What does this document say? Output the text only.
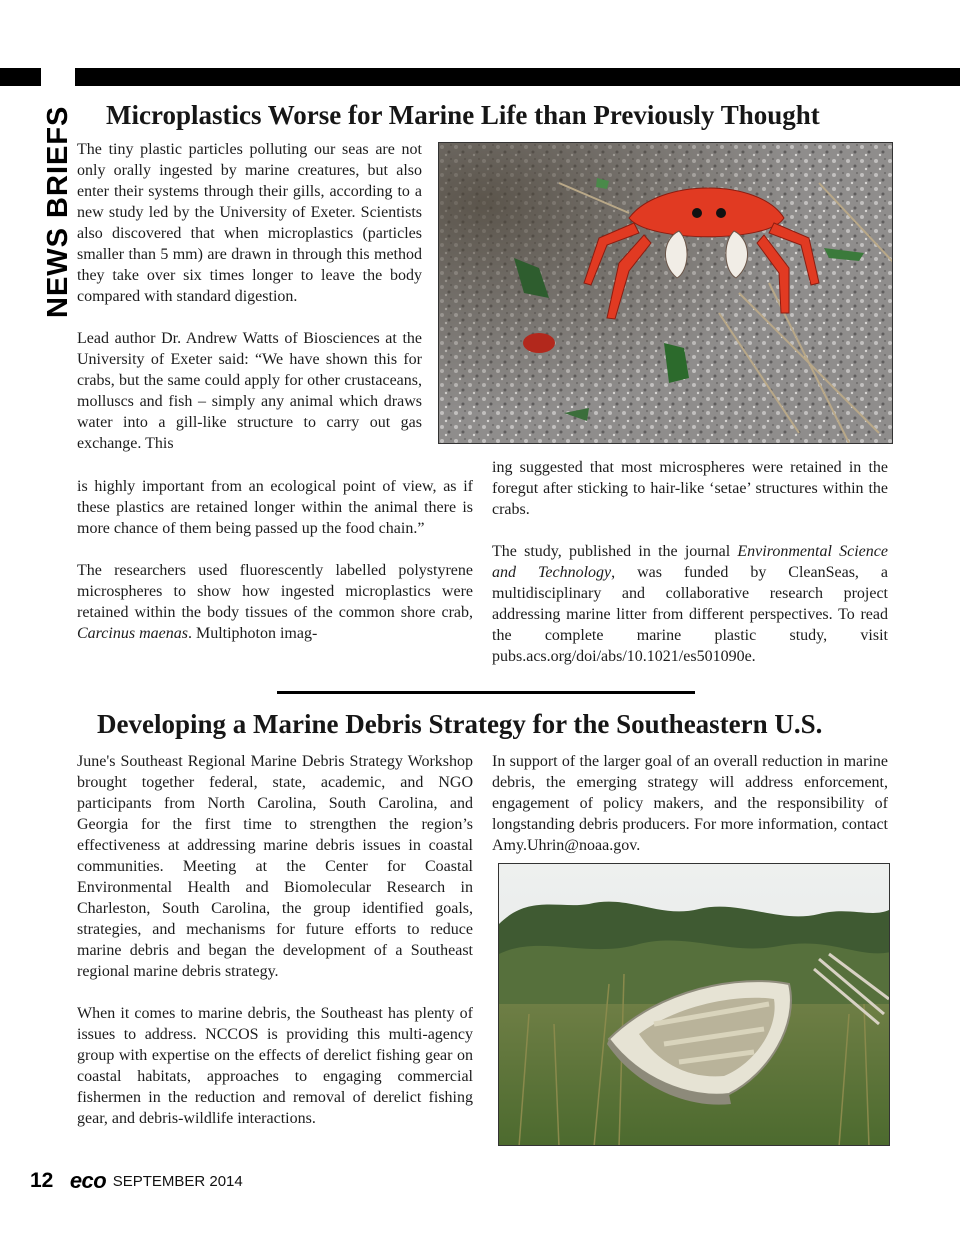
NEWS BRIEFS Microplastics Worse for Marine Life than Previously Thought

The tiny plastic particles polluting our seas are not only orally ingested by marine creatures, but also enter their systems through their gills, according to a new study led by the University of Exeter. Scientists also discovered that when microplastics (particles smaller than 5 mm) are drawn in through this method they take over six times longer to leave the body compared with standard digestion.

Lead author Dr. Andrew Watts of Biosciences at the University of Exeter said: “We have shown this for crabs, but the same could apply for other crustaceans, molluscs and fish – simply any animal which draws water into a gill-like structure to carry out gas exchange. This

is highly important from an ecological point of view, as if these plastics are retained longer within the animal there is more chance of them being passed up the food chain.”

The researchers used fluorescently labelled polystyrene microspheres to show how ingested microplastics were retained within the body tissues of the common shore crab, Carcinus maenas. Multiphoton imag-

ing suggested that most microspheres were retained in the foregut after sticking to hair-like ‘setae’ structures within the crabs.

The study, published in the journal Environmental Science and Technology, was funded by CleanSeas, a multidisciplinary and collaborative research project addressing marine litter from different perspectives. To read the complete marine plastic study, visit pubs.acs.org/doi/abs/10.1021/es501090e.

Developing a Marine Debris Strategy for the Southeastern U.S.

June's Southeast Regional Marine Debris Strategy Workshop brought together federal, state, academic, and NGO participants from North Carolina, South Carolina, and Georgia for the first time to strengthen the region’s effectiveness at addressing marine debris issues in coastal communities. Meeting at the Center for Coastal Environmental Health and Biomolecular Research in Charleston, South Carolina, the group identified goals, strategies, and mechanisms for future efforts to reduce marine debris and began the development of a Southeast regional marine debris strategy.

When it comes to marine debris, the Southeast has plenty of issues to address. NCCOS is providing this multi-agency group with expertise on the effects of derelict fishing gear on coastal habitats, approaches to engaging commercial fishermen in the reduction and removal of derelict fishing gear, and debris-wildlife interactions.

In support of the larger goal of an overall reduction in marine debris, the emerging strategy will address enforcement, engagement of policy makers, and the responsibility of longstanding debris producers. For more information, contact Amy.Uhrin@noaa.gov.

12 eco SEPTEMBER 2014
